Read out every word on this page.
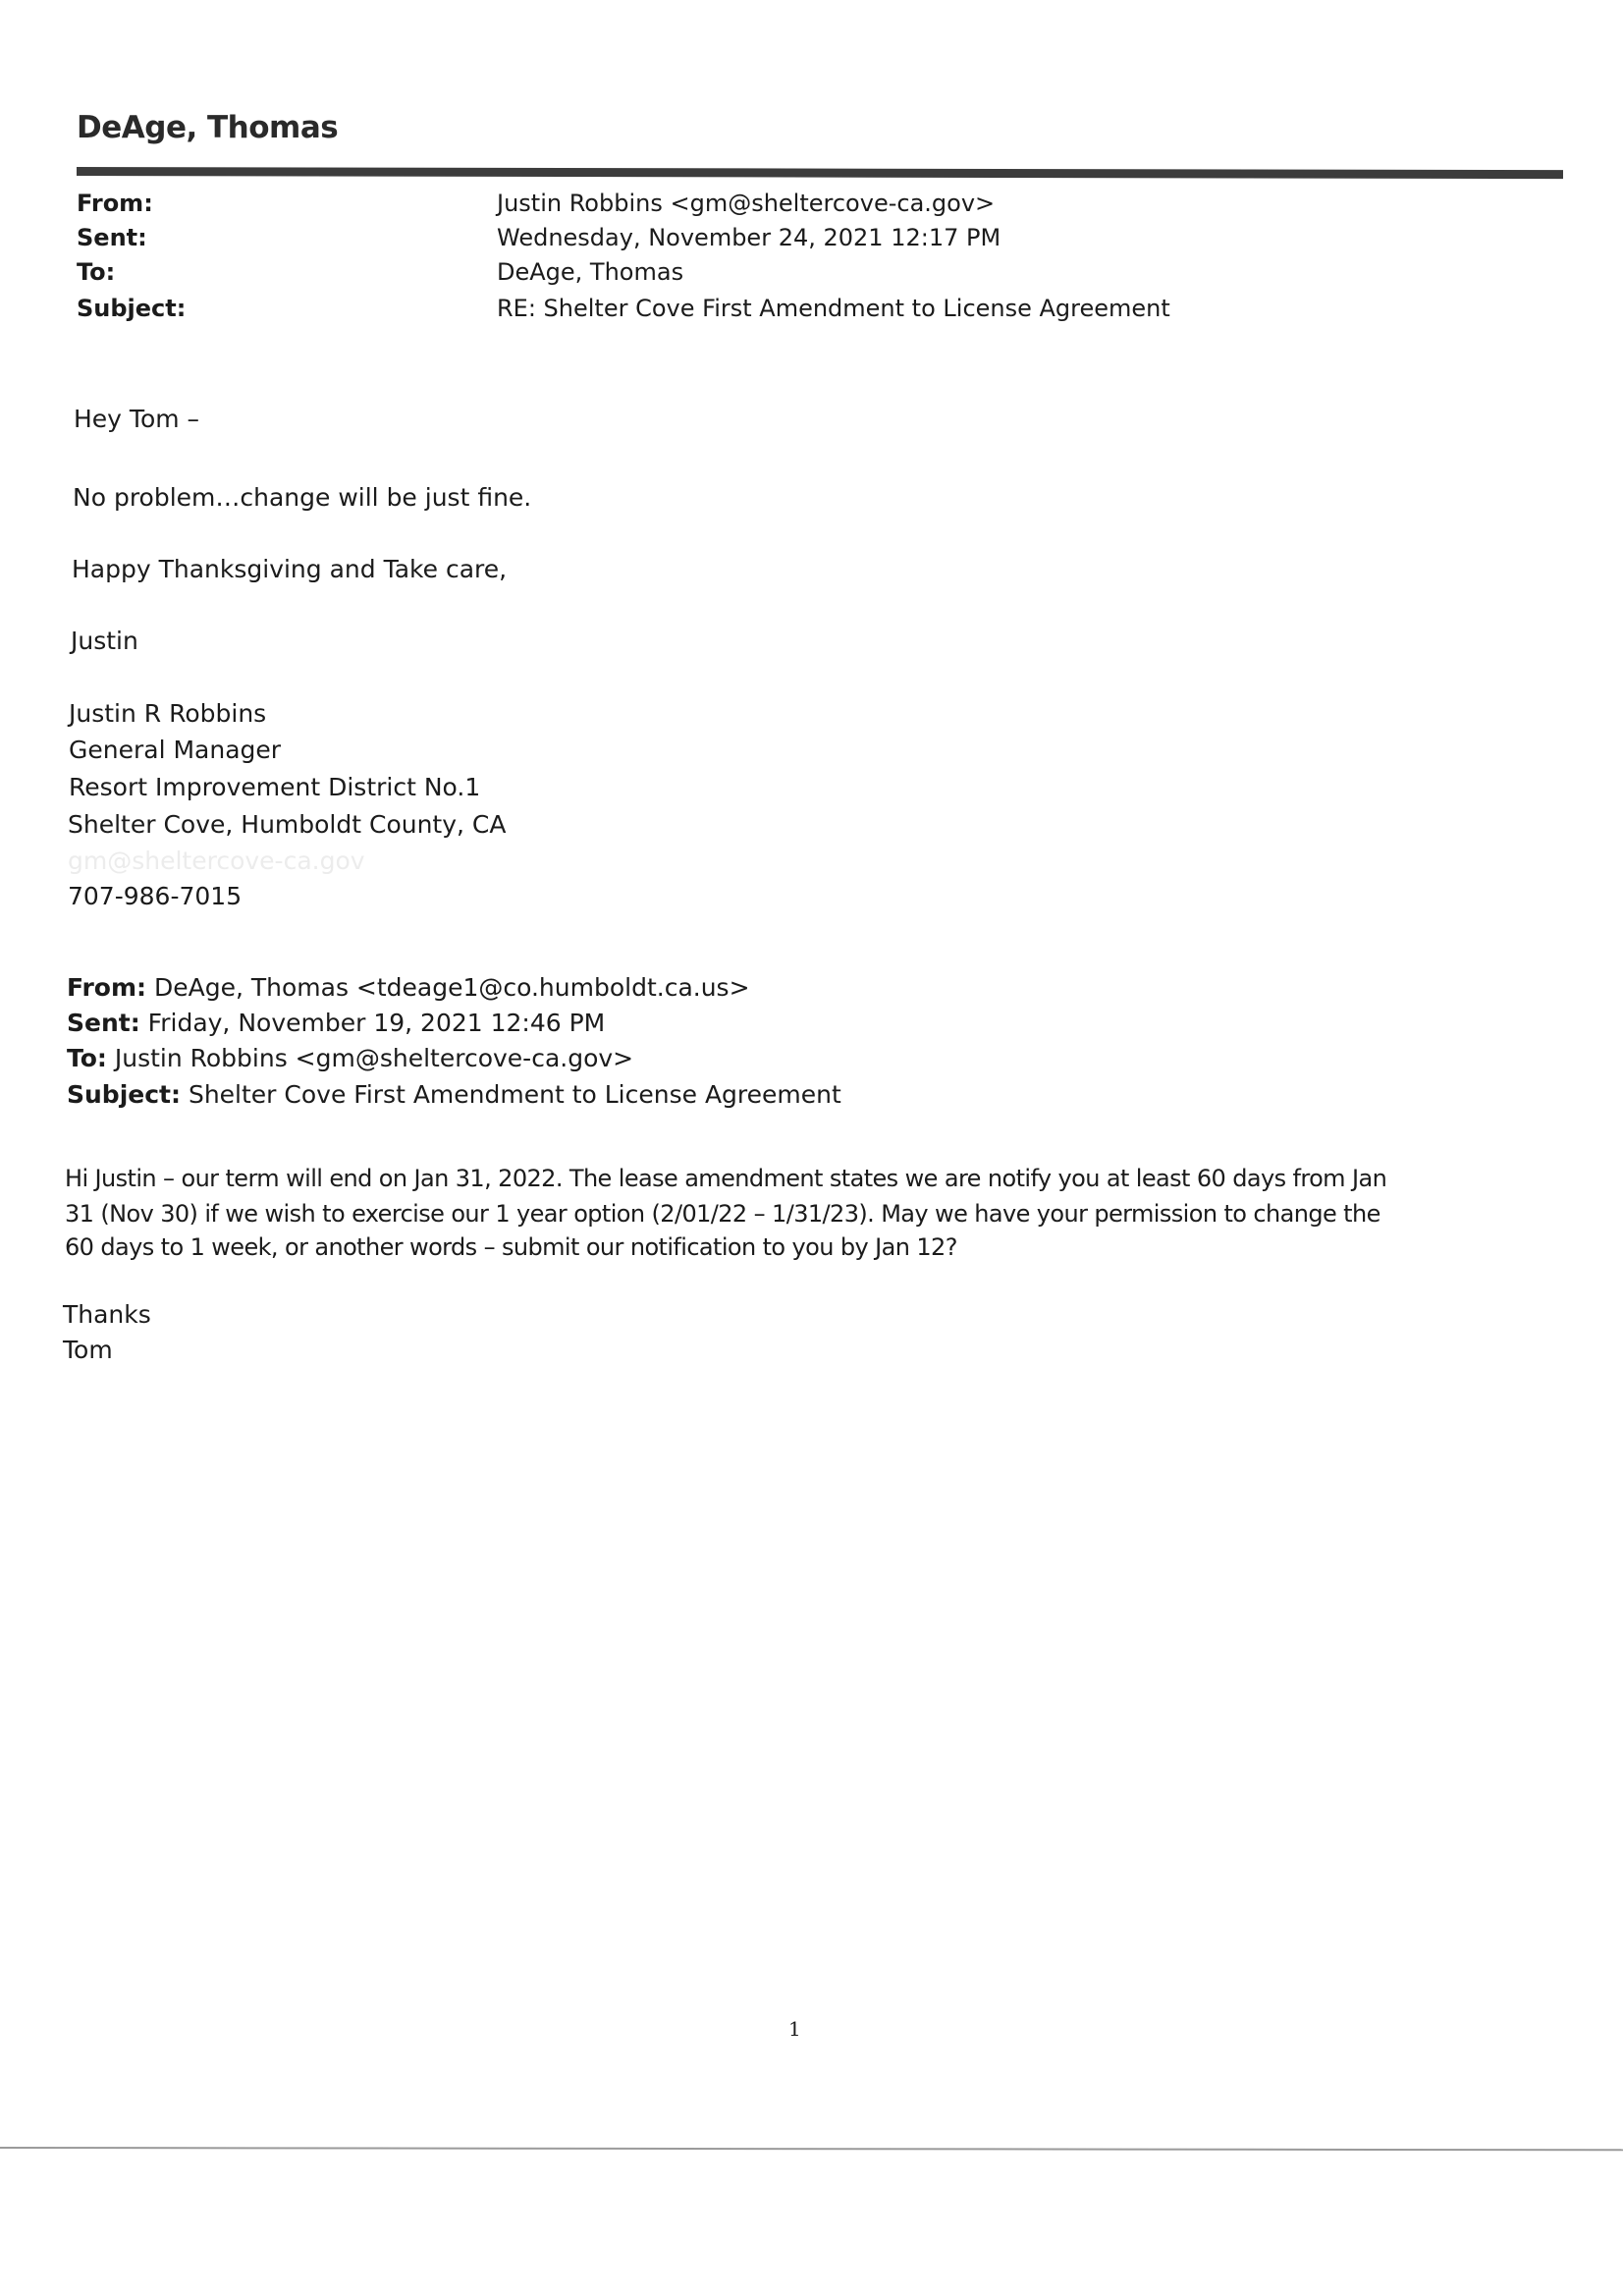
DeAge, Thomas
From:	Justin Robbins <gm@sheltercove-ca.gov>
Sent:	Wednesday, November 24, 2021 12:17 PM
To:	DeAge, Thomas
Subject:	RE: Shelter Cove First Amendment to License Agreement
Hey Tom –
No problem…change will be just fine.
Happy Thanksgiving and Take care,
Justin
Justin R Robbins
General Manager
Resort Improvement District No.1
Shelter Cove, Humboldt County, CA
gm@sheltercove-ca.gov
707-986-7015
From: DeAge, Thomas <tdeage1@co.humboldt.ca.us>
Sent: Friday, November 19, 2021 12:46 PM
To: Justin Robbins <gm@sheltercove-ca.gov>
Subject: Shelter Cove First Amendment to License Agreement
Hi Justin – our term will end on Jan 31, 2022. The lease amendment states we are notify you at least 60 days from Jan
31 (Nov 30) if we wish to exercise our 1 year option (2/01/22 – 1/31/23). May we have your permission to change the
60 days to 1 week, or another words – submit our notification to you by Jan 12?
Thanks
Tom
1
